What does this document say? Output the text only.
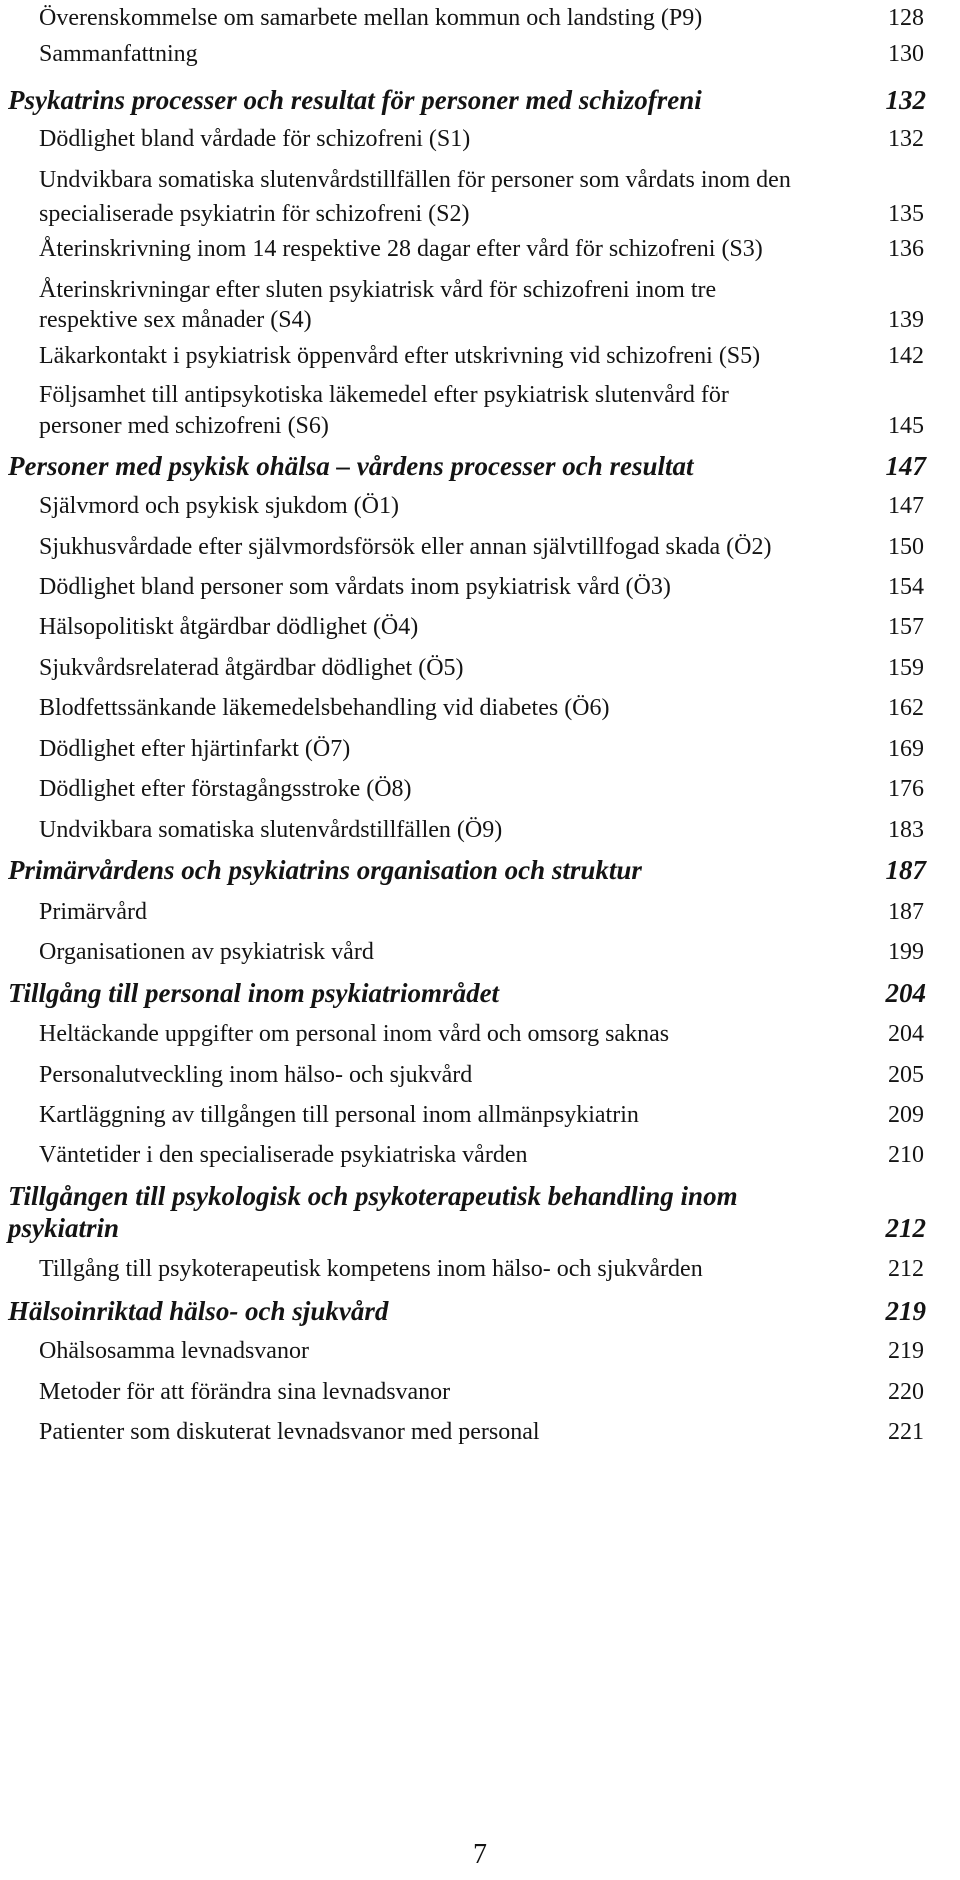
Överenskommelse om samarbete mellan kommun och landsting (P9)	128
Sammanfattning	130
Psykatrins processer och resultat för personer med schizofreni	132
Dödlighet bland vårdade för schizofreni (S1)	132
Undvikbara somatiska slutenvårdstillfällen för personer som vårdats inom den
specialiserade psykiatrin för schizofreni (S2)	135
Återinskrivning inom 14 respektive 28 dagar efter vård för schizofreni (S3)	136
Återinskrivningar efter sluten psykiatrisk vård för schizofreni inom tre
respektive sex månader (S4)	139
Läkarkontakt i psykiatrisk öppenvård efter utskrivning vid schizofreni (S5)	142
Följsamhet till antipsykotiska läkemedel efter psykiatrisk slutenvård för
personer med schizofreni (S6)	145
Personer med psykisk ohälsa – vårdens processer och resultat	147
Självmord och psykisk sjukdom (Ö1)	147
Sjukhusvårdade efter självmordsförsök eller annan självtillfogad skada (Ö2)	150
Dödlighet bland personer som vårdats inom psykiatrisk vård (Ö3)	154
Hälsopolitiskt åtgärdbar dödlighet (Ö4)	157
Sjukvårdsrelaterad åtgärdbar dödlighet (Ö5)	159
Blodfettssänkande läkemedelsbehandling vid diabetes (Ö6)	162
Dödlighet efter hjärtinfarkt (Ö7)	169
Dödlighet efter förstagångsstroke (Ö8)	176
Undvikbara somatiska slutenvårdstillfällen (Ö9)	183
Primärvårdens och psykiatrins organisation och struktur	187
Primärvård	187
Organisationen av psykiatrisk vård	199
Tillgång till personal inom psykiatriområdet	204
Heltäckande uppgifter om personal inom vård och omsorg saknas	204
Personalutveckling inom hälso- och sjukvård	205
Kartläggning av tillgången till personal inom allmänpsykiatrin	209
Väntetider i den specialiserade psykiatriska vården	210
Tillgången till psykologisk och psykoterapeutisk behandling inom
psykiatrin	212
Tillgång till psykoterapeutisk kompetens inom hälso- och sjukvården	212
Hälsoinriktad hälso- och sjukvård	219
Ohälsosamma levnadsvanor	219
Metoder för att förändra sina levnadsvanor	220
Patienter som diskuterat levnadsvanor med personal	221
7
